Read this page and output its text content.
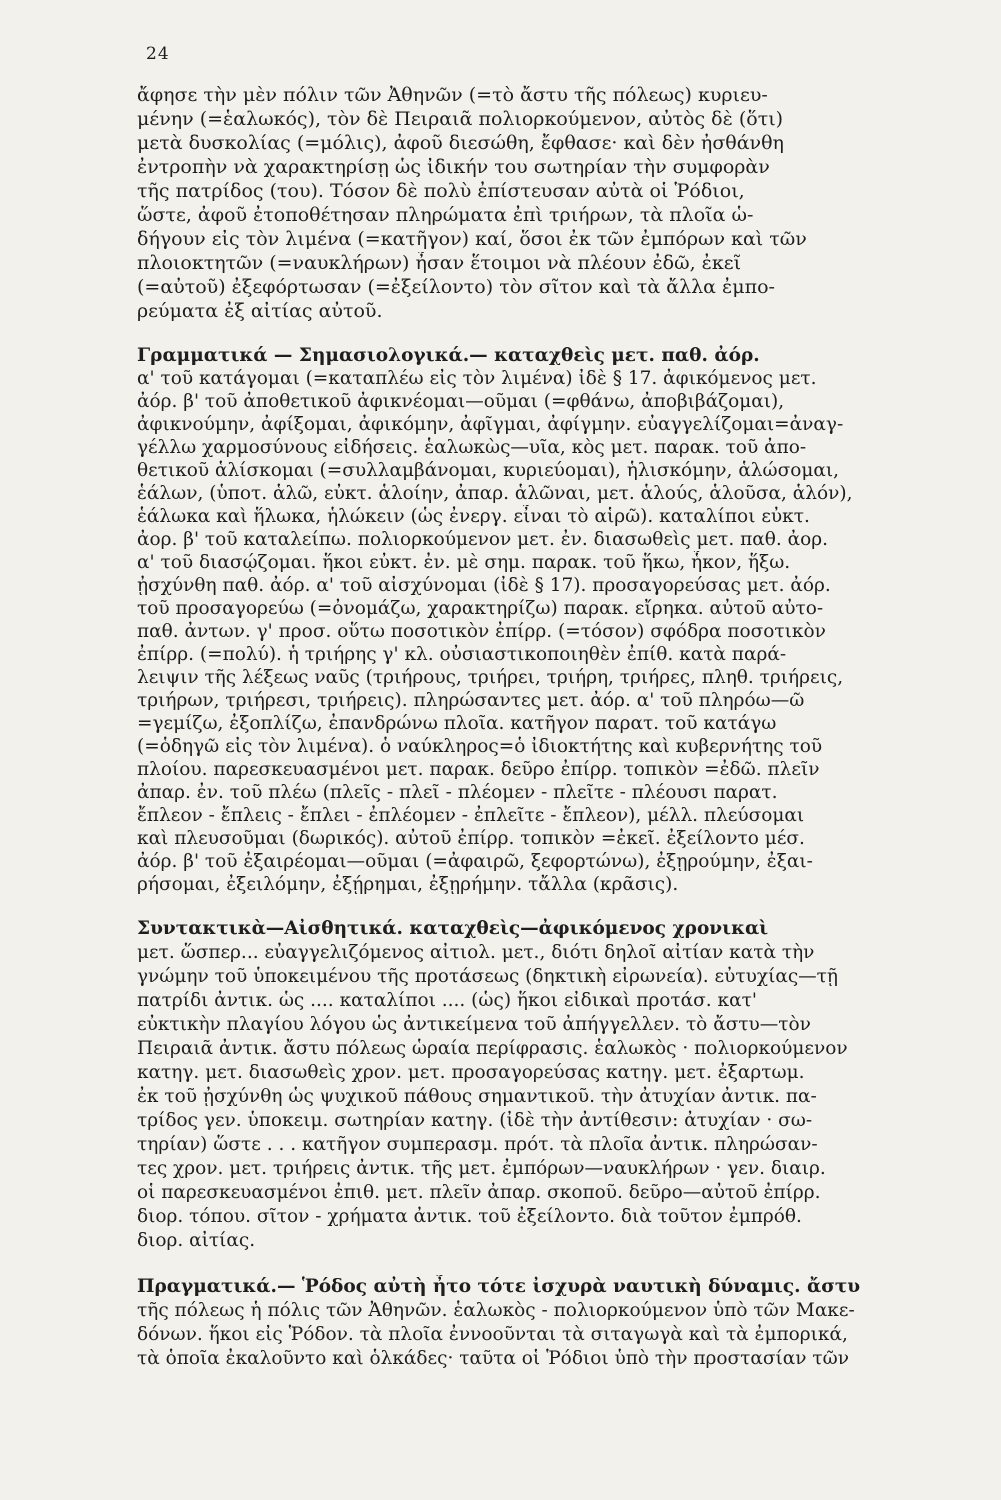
24
ἄφησε τὴν μὲν πόλιν τῶν Ἀθηνῶν (=τὸ ἄστυ τῆς πόλεως) κυριευ-
μένην (=ἑαλωκός), τὸν δὲ Πειραιᾶ πολιορκούμενον, αὐτὸς δὲ (ὅτι)
μετὰ δυσκολίας (=μόλις), ἀφοῦ διεσώθη, ἔφθασε· καὶ δὲν ἠσθάνθη
ἐντροπὴν νὰ χαρακτηρίσῃ ὡς ἰδικήν του σωτηρίαν τὴν συμφορὰν
τῆς πατρίδος (του). Τόσον δὲ πολὺ ἐπίστευσαν αὐτὰ οἱ Ῥόδιοι,
ὥστε, ἀφοῦ ἐτοποθέτησαν πληρώματα ἐπὶ τριήρων, τὰ πλοῖα ὡ-
δήγουν εἰς τὸν λιμένα (=κατῆγον) καί, ὅσοι ἐκ τῶν ἐμπόρων καὶ τῶν
πλοιοκτητῶν (=ναυκλήρων) ἦσαν ἕτοιμοι νὰ πλέουν ἐδῶ, ἐκεῖ
(=αὐτοῦ) ἐξεφόρτωσαν (=ἐξείλοντο) τὸν σῖτον καὶ τὰ ἄλλα ἐμπο-
ρεύματα ἐξ αἰτίας αὐτοῦ.
Γραμματικά — Σημασιολογικά.— καταχθεὶς μετ. παθ. ἀόρ.
α' τοῦ κατάγομαι (=καταπλέω εἰς τὸν λιμένα) ἰδὲ § 17. ἀφικόμενος μετ.
ἀόρ. β' τοῦ ἀποθετικοῦ ἀφικνέομαι—οῦμαι (=φθάνω, ἀποβιβάζομαι),
ἀφικνούμην, ἀφίξομαι, ἀφικόμην, ἀφῖγμαι, ἀφίγμην. εὐαγγελίζομαι=ἀναγ-
γέλλω χαρμοσύνους εἰδήσεις. ἑαλωκὼς—υῖα, κὸς μετ. παρακ. τοῦ ἀπο-
θετικοῦ ἁλίσκομαι (=συλλαμβάνομαι, κυριεύομαι), ἡλισκόμην, ἁλώσομαι,
ἑάλων, (ὑποτ. ἁλῶ, εὐκτ. ἁλοίην, ἀπαρ. ἁλῶναι, μετ. ἁλούς, ἁλοῦσα, ἁλόν),
ἑάλωκα καὶ ἥλωκα, ἡλώκειν (ὡς ἐνεργ. εἶναι τὸ αἱρῶ). καταλίποι εὐκτ.
ἀορ. β' τοῦ καταλείπω. πολιορκούμενον μετ. ἐν. διασωθεὶς μετ. παθ. ἀορ.
α' τοῦ διασῴζομαι. ἥκοι εὐκτ. ἐν. μὲ σημ. παρακ. τοῦ ἥκω, ἧκον, ἥξω.
ᾐσχύνθη παθ. ἀόρ. α' τοῦ αἰσχύνομαι (ἰδὲ § 17). προσαγορεύσας μετ. ἀόρ.
τοῦ προσαγορεύω (=ὀνομάζω, χαρακτηρίζω) παρακ. εἴρηκα. αὐτοῦ αὐτο-
παθ. ἀντων. γ' προσ. οὕτω ποσοτικὸν ἐπίρρ. (=τόσον) σφόδρα ποσοτικὸν
ἐπίρρ. (=πολύ). ἡ τριήρης γ' κλ. οὐσιαστικοποιηθὲν ἐπίθ. κατὰ παρά-
λειψιν τῆς λέξεως ναῦς (τριήρους, τριήρει, τριήρη, τριήρες, πληθ. τριήρεις,
τριήρων, τριήρεσι, τριήρεις). πληρώσαντες μετ. ἀόρ. α' τοῦ πληρόω—ῶ
=γεμίζω, ἐξοπλίζω, ἐπανδρώνω πλοῖα. κατῆγον παρατ. τοῦ κατάγω
(=ὁδηγῶ εἰς τὸν λιμένα). ὁ ναύκληρος=ὁ ἰδιοκτήτης καὶ κυβερνήτης τοῦ
πλοίου. παρεσκευασμένοι μετ. παρακ. δεῦρο ἐπίρρ. τοπικὸν =ἐδῶ. πλεῖν
ἀπαρ. ἐν. τοῦ πλέω (πλεῖς - πλεῖ - πλέομεν - πλεῖτε - πλέουσι παρατ.
ἔπλεον - ἔπλεις - ἔπλει - ἐπλέομεν - ἐπλεῖτε - ἔπλεον), μέλλ. πλεύσομαι
καὶ πλευσοῦμαι (δωρικός). αὐτοῦ ἐπίρρ. τοπικὸν =ἐκεῖ. ἐξείλοντο μέσ.
ἀόρ. β' τοῦ ἐξαιρέομαι—οῦμαι (=ἀφαιρῶ, ξεφορτώνω), ἐξῃρούμην, ἐξαι-
ρήσομαι, ἐξειλόμην, ἐξῄρημαι, ἐξῃρήμην. τἄλλα (κρᾶσις).
Συντακτικὰ—Αἰσθητικά. καταχθεὶς—ἀφικόμενος χρονικαὶ
μετ. ὥσπερ... εὐαγγελιζόμενος αἰτιολ. μετ., διότι δηλοῖ αἰτίαν κατὰ τὴν
γνώμην τοῦ ὑποκειμένου τῆς προτάσεως (δηκτικὴ εἰρωνεία). εὐτυχίας—τῇ
πατρίδι ἀντικ. ὡς .... καταλίποι .... (ὡς) ἥκοι εἰδικαὶ προτάσ. κατ'
εὐκτικὴν πλαγίου λόγου ὡς ἀντικείμενα τοῦ ἀπήγγελλεν. τὸ ἄστυ—τὸν
Πειραιᾶ ἀντικ. ἄστυ πόλεως ὡραία περίφρασις. ἑαλωκὸς · πολιορκούμενον
κατηγ. μετ. διασωθεὶς χρον. μετ. προσαγορεύσας κατηγ. μετ. ἐξαρτωμ.
ἐκ τοῦ ᾐσχύνθη ὡς ψυχικοῦ πάθους σημαντικοῦ. τὴν ἀτυχίαν ἀντικ. πα-
τρίδος γεν. ὑποκειμ. σωτηρίαν κατηγ. (ἰδὲ τὴν ἀντίθεσιν: ἀτυχίαν · σω-
τηρίαν) ὥστε . . . κατῆγον συμπερασμ. πρότ. τὰ πλοῖα ἀντικ. πληρώσαν-
τες χρον. μετ. τριήρεις ἀντικ. τῆς μετ. ἐμπόρων—ναυκλήρων · γεν. διαιρ.
οἱ παρεσκευασμένοι ἐπιθ. μετ. πλεῖν ἀπαρ. σκοποῦ. δεῦρο—αὐτοῦ ἐπίρρ.
διορ. τόπου. σῖτον - χρήματα ἀντικ. τοῦ ἐξείλοντο. διὰ τοῦτον ἐμπρόθ.
διορ. αἰτίας.
Πραγματικά.— Ῥόδος αὐτὴ ἦτο τότε ἰσχυρὰ ναυτικὴ δύναμις. ἄστυ
τῆς πόλεως ἡ πόλις τῶν Ἀθηνῶν. ἑαλωκὸς - πολιορκούμενον ὑπὸ τῶν Μακε-
δόνων. ἥκοι εἰς Ῥόδον. τὰ πλοῖα ἐννοοῦνται τὰ σιταγωγὰ καὶ τὰ ἐμπορικά,
τὰ ὁποῖα ἐκαλοῦντο καὶ ὁλκάδες· ταῦτα οἱ Ῥόδιοι ὑπὸ τὴν προστασίαν τῶν
